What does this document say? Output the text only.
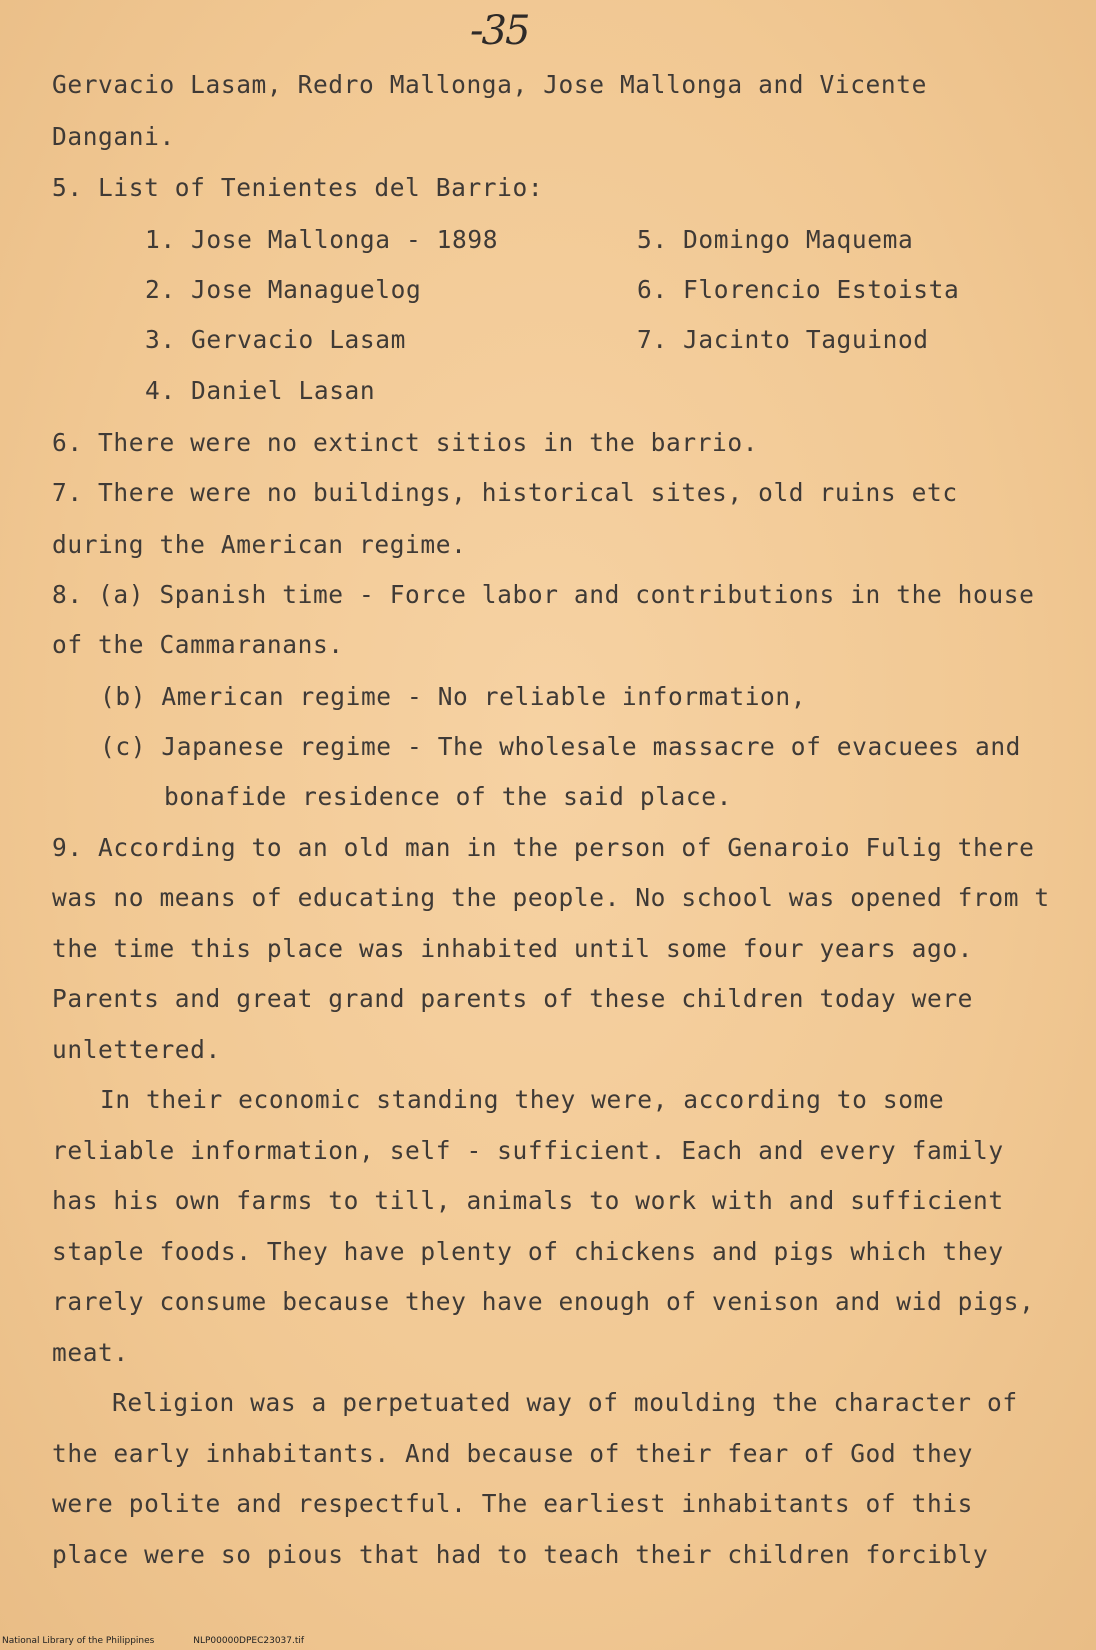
-35
Gervacio Lasam, Redro Mallonga, Jose Mallonga and Vicente
Dangani.
5. List of Tenientes del Barrio:
1. Jose Mallonga - 1898	5. Domingo Maquema
2. Jose Managuelog	6. Florencio Estoista
3. Gervacio Lasam	7. Jacinto Taguinod
4. Daniel Lasan
6. There were no extinct sitios in the barrio.
7. There were no buildings, historical sites, old ruins etc
during the American regime.
8. (a) Spanish time - Force labor and contributions in the house
of the Cammaranans.
(b) American regime - No reliable information,
(c) Japanese regime - The wholesale massacre of evacuees and
bonafide residence of the said place.
9. According to an old man in the person of Genaroio Fulig there
was no means of educating the people. No school was opened from t
the time this place was inhabited until some four years ago.
Parents and great grand parents of these children today were
unlettered.
In their economic standing they were, according to some
reliable information, self - sufficient. Each and every family
has his own farms to till, animals to work with and sufficient
staple foods. They have plenty of chickens and pigs which they
rarely consume because they have enough of venison and wid pigs,
meat.
Religion was a perpetuated way of moulding the character of
the early inhabitants. And because of their fear of God they
were polite and respectful. The earliest inhabitants of this
place were so pious that had to teach their children forcibly
National Library of the Philippines	NLP00000DPEC23037.tif
